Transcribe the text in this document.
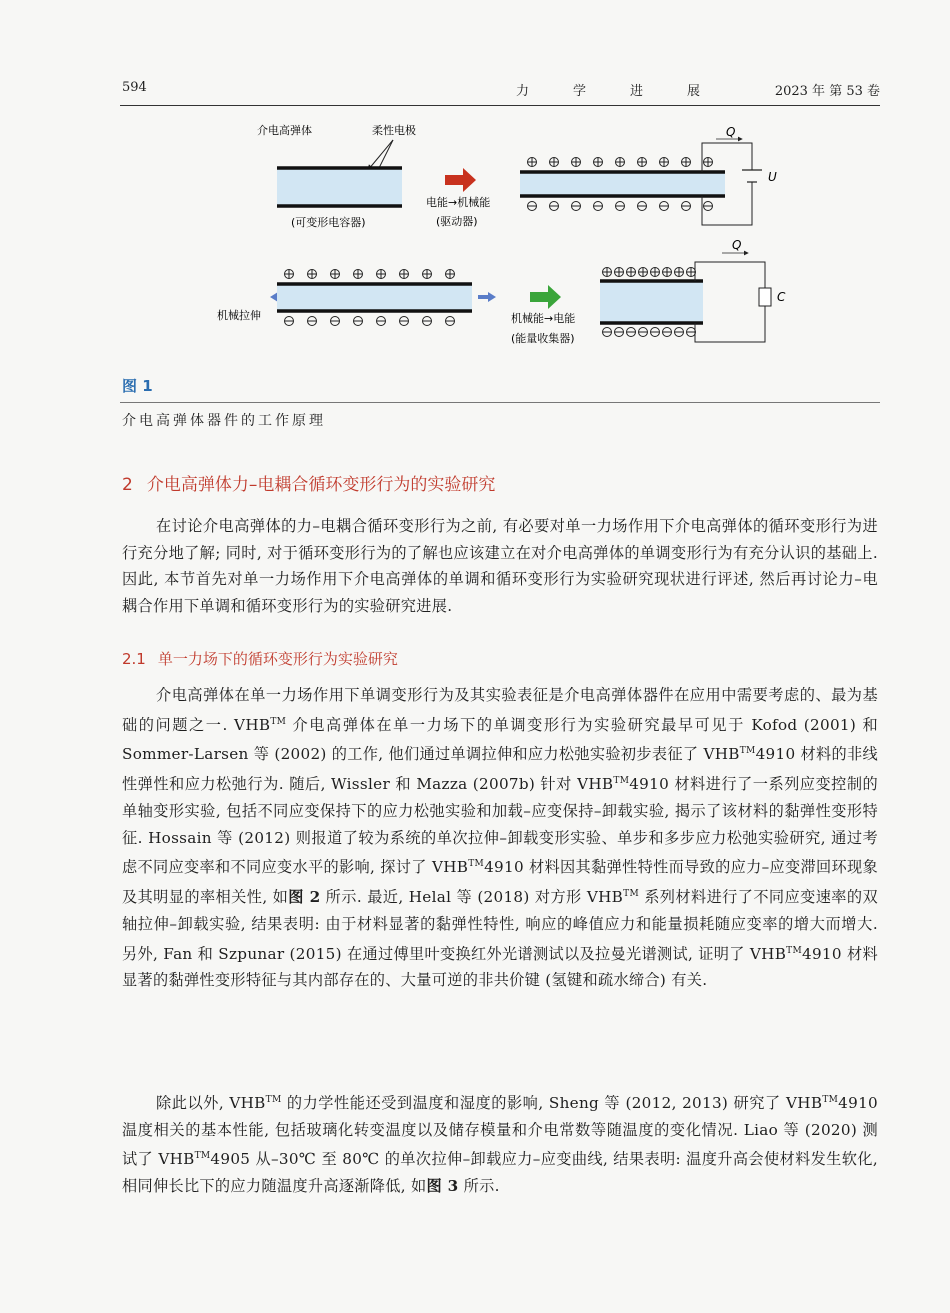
594	力学进展 2023 年 第 53 卷
介电高弹体	柔性电极
(可变形电容器)
电能→机械能
(驱动器)
Q
U
机械拉伸	机械能→电能
(能量收集器)
Q
C
图 1
介电高弹体器件的工作原理
2 介电高弹体力–电耦合循环变形行为的实验研究
在讨论介电高弹体的力–电耦合循环变形行为之前, 有必要对单一力场作用下介电高弹体的循环变形行为进行充分地了解; 同时, 对于循环变形行为的了解也应该建立在对介电高弹体的单调变形行为有充分认识的基础上. 因此, 本节首先对单一力场作用下介电高弹体的单调和循环变形行为实验研究现状进行评述, 然后再讨论力–电耦合作用下单调和循环变形行为的实验研究进展.
2.1 单一力场下的循环变形行为实验研究
介电高弹体在单一力场作用下单调变形行为及其实验表征是介电高弹体器件在应用中需要考虑的、最为基础的问题之一. VHB™ 介电高弹体在单一力场下的单调变形行为实验研究最早可见于 Kofod (2001) 和 Sommer-Larsen 等 (2002) 的工作, 他们通过单调拉伸和应力松弛实验初步表征了 VHB™4910 材料的非线性弹性和应力松弛行为. 随后, Wissler 和 Mazza (2007b) 针对 VHB™4910 材料进行了一系列应变控制的单轴变形实验, 包括不同应变保持下的应力松弛实验和加载–应变保持–卸载实验, 揭示了该材料的黏弹性变形特征. Hossain 等 (2012) 则报道了较为系统的单次拉伸–卸载变形实验、单步和多步应力松弛实验研究, 通过考虑不同应变率和不同应变水平的影响, 探讨了 VHB™4910 材料因其黏弹性特性而导致的应力–应变滞回环现象及其明显的率相关性, 如图 2 所示. 最近, Helal 等 (2018) 对方形 VHB™ 系列材料进行了不同应变速率的双轴拉伸–卸载实验, 结果表明: 由于材料显著的黏弹性特性, 响应的峰值应力和能量损耗随应变率的增大而增大. 另外, Fan 和 Szpunar (2015) 在通过傅里叶变换红外光谱测试以及拉曼光谱测试, 证明了 VHB™4910 材料显著的黏弹性变形特征与其内部存在的、大量可逆的非共价键 (氢键和疏水缔合) 有关.
除此以外, VHB™ 的力学性能还受到温度和湿度的影响, Sheng 等 (2012, 2013) 研究了 VHB™4910 温度相关的基本性能, 包括玻璃化转变温度以及储存模量和介电常数等随温度的变化情况. Liao 等 (2020) 测试了 VHB™4905 从–30℃ 至 80℃ 的单次拉伸–卸载应力–应变曲线, 结果表明: 温度升高会使材料发生软化, 相同伸长比下的应力随温度升高逐渐降低, 如图 3 所示.
